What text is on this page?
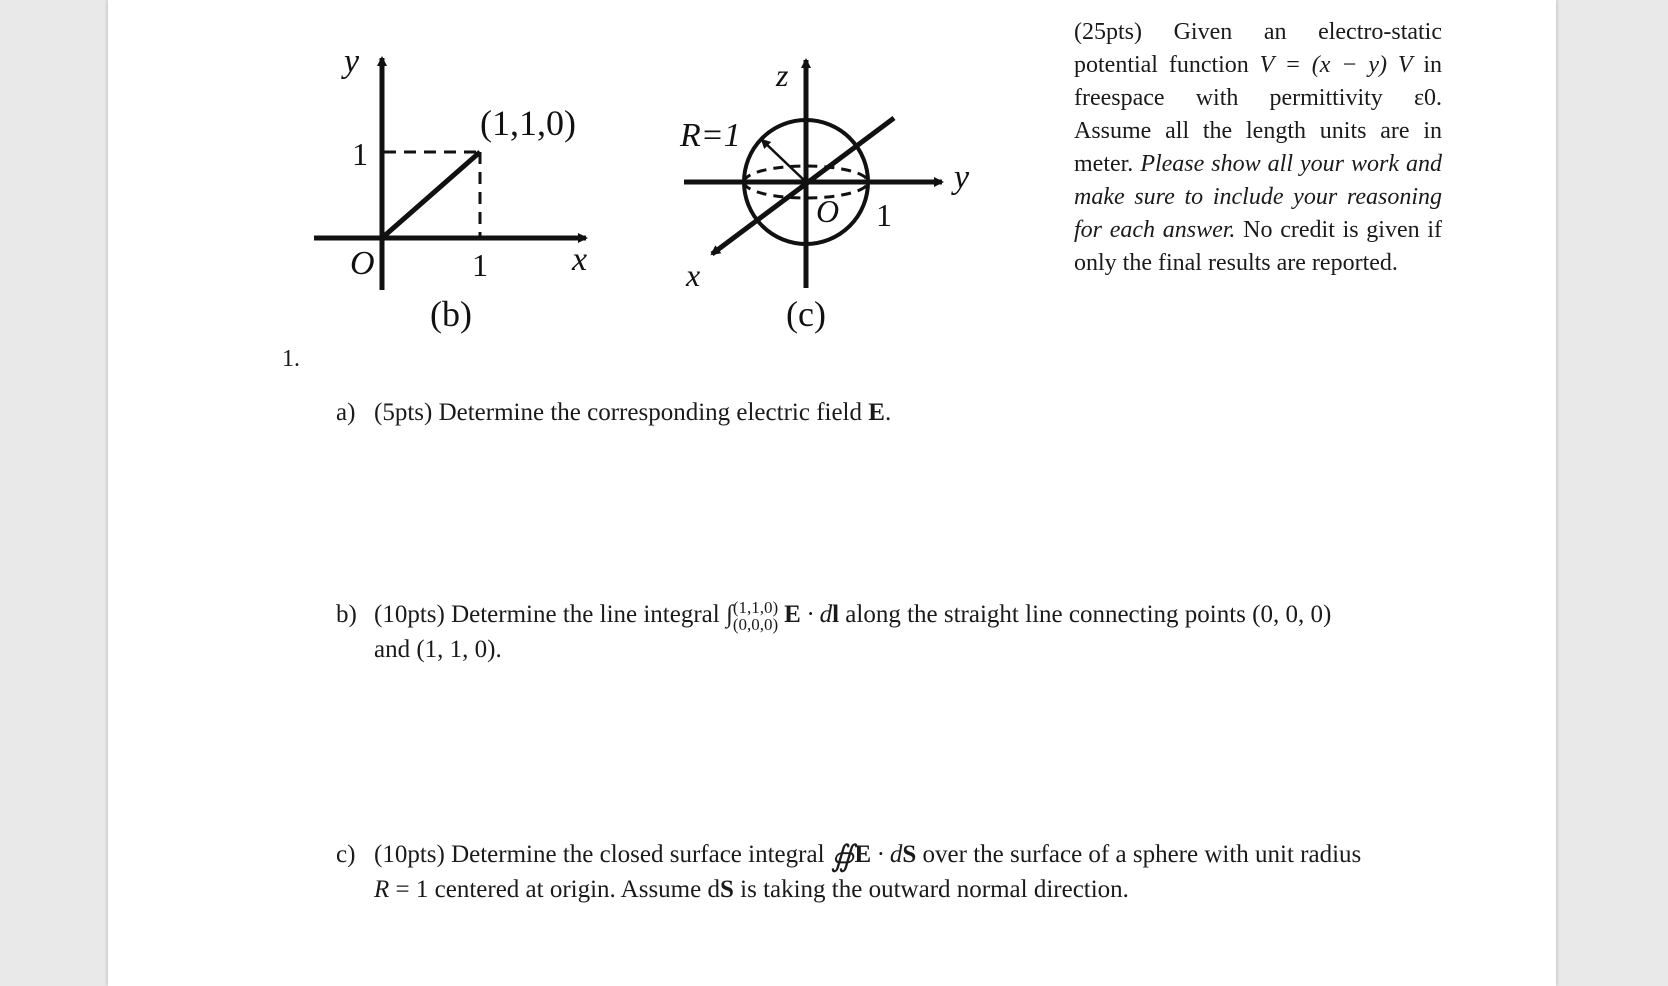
y
1
(1,1,0)
O	1 x
(b)
z
R=1
y
O 1
x
(c)
(25pts) Given an electro-static potential function V = (x − y) V in freespace with permittivity ε0. Assume all the length units are in meter. Please show all your work and make sure to include your reasoning for each answer. No credit is given if only the final results are reported.
1.
a) (5pts) Determine the corresponding electric field E.
b) (10pts) Determine the line integral ∫ (1,1,0)
(0,0,0) E · dl along the straight line connecting points (0, 0, 0)
and (1, 1, 0).
c) (10pts) Determine the closed surface integral ∯E · dS over the surface of a sphere with unit radius
R = 1 centered at origin. Assume dS is taking the outward normal direction.
